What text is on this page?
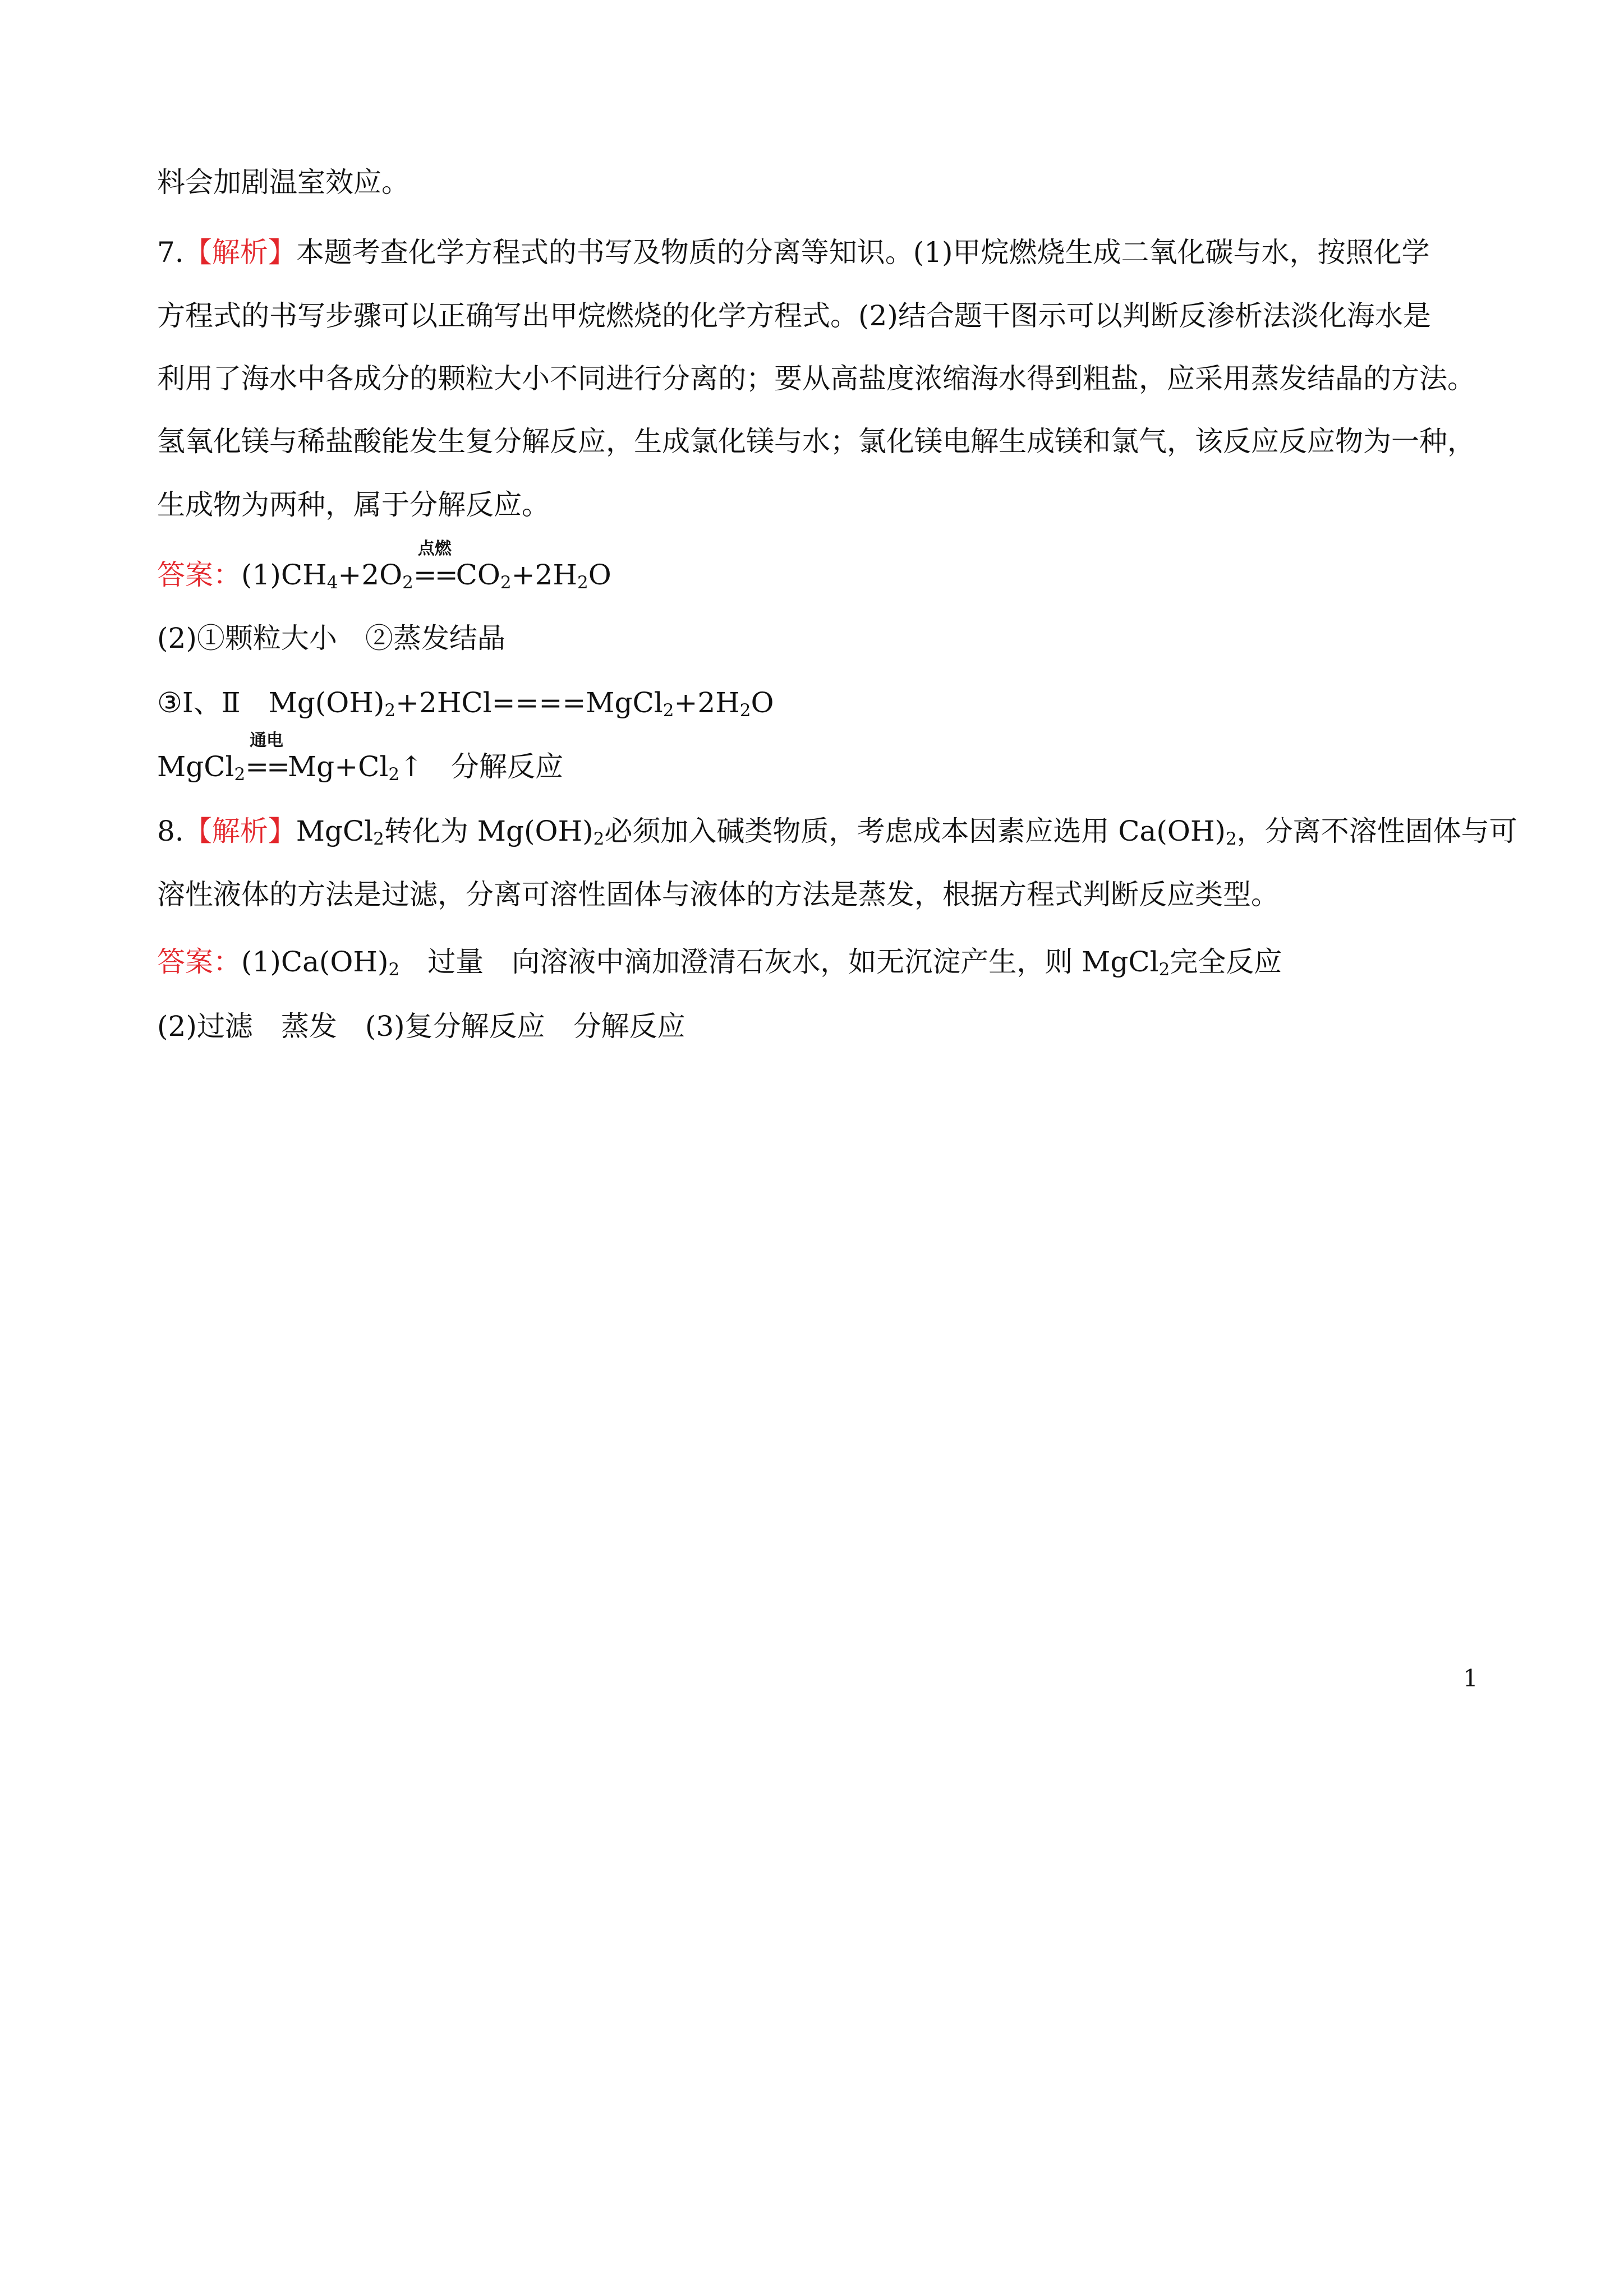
料会加剧温室效应。
7.【解析】本题考查化学方程式的书写及物质的分离等知识。(1)甲烷燃烧生成二氧化碳与水，按照化学
方程式的书写步骤可以正确写出甲烷燃烧的化学方程式。(2)结合题干图示可以判断反渗析法淡化海水是
利用了海水中各成分的颗粒大小不同进行分离的；要从高盐度浓缩海水得到粗盐，应采用蒸发结晶的方法。
氢氧化镁与稀盐酸能发生复分解反应，生成氯化镁与水；氯化镁电解生成镁和氯气，该反应反应物为一种，
生成物为两种，属于分解反应。
答案：$(1)CH_4+2O_2$
点燃
$==CO_2+2H_2O$
(2)①颗粒大小　②蒸发结晶
③Ⅰ、Ⅱ　$Mg(OH)_2+2HCl====MgCl_2+2H_2O$
MgCl$_2$
通电
$==Mg+Cl_2↑$　分解反应
8.【解析】MgCl$_2$转化为 $Mg(OH)_2$必须加入碱类物质，考虑成本因素应选用 $Ca(OH)_2$，分离不溶性固体与可
溶性液体的方法是过滤，分离可溶性固体与液体的方法是蒸发，根据方程式判断反应类型。
答案：$(1)Ca(OH)_2$　过量　向溶液中滴加澄清石灰水，如无沉淀产生，则 MgCl$_2$完全反应
(2)过滤　蒸发　(3)复分解反应　分解反应
1
